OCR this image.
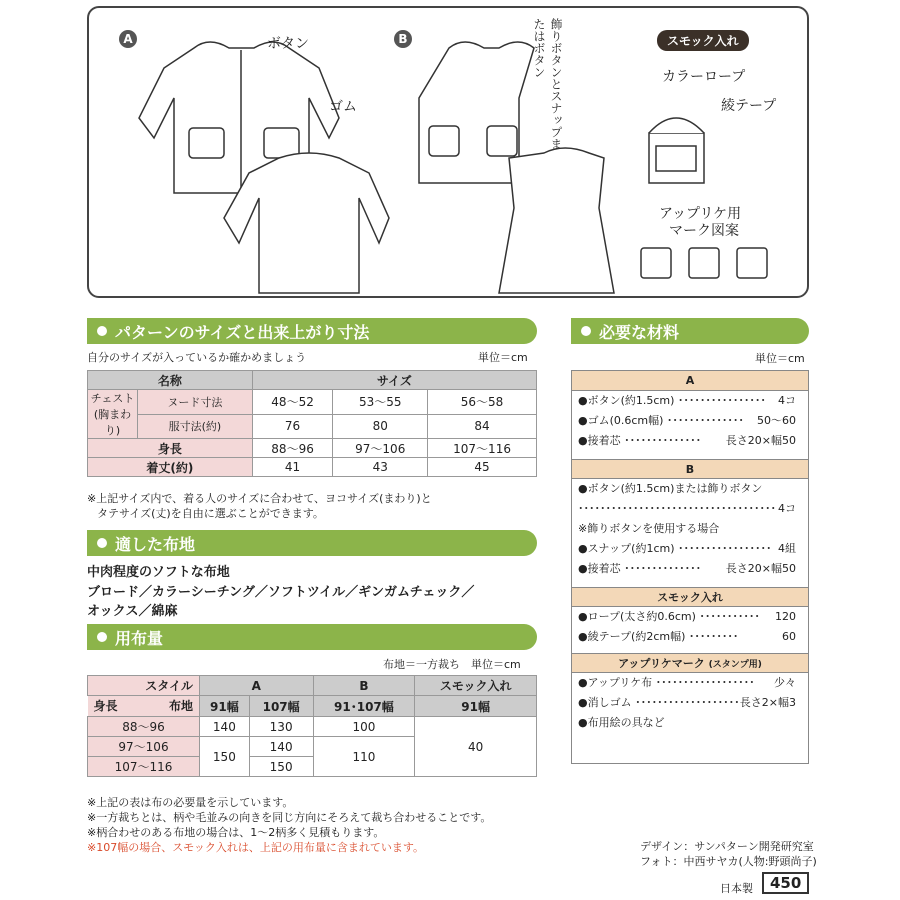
A	B
ボタン
ゴム	飾りボタンとスナップまたはボタン	スモック入れ
カラーロープ
綾テープ
アップリケ用
マーク図案
パターンのサイズと出来上がり寸法
自分のサイズが入っているか確かめましょう	単位＝cm
名称		サイズ		
チェスト
(胸まわり)	ヌード寸法	48〜52	53〜55	56〜58
	服寸法(約)	76	80	84
身長		88〜96	97〜106	107〜116
着丈(約)		41	43	45
※上記サイズ内で、着る人のサイズに合わせて、ヨコサイズ(まわり)と
タテサイズ(丈)を自由に選ぶことができます。
適した布地
中肉程度のソフトな布地
ブロード／カラーシーチング／ソフトツイル／ギンガムチェック／
オックス／綿麻
用布量
布地＝一方裁ち　単位＝cm
スタイル	A		B	スモック入れ

身長	布地 91幅	107幅	91･107幅	91幅
88〜96	140	130	100	40
97〜106	150	140	110	
107〜116		150		
※上記の表は布の必要量を示しています。
※一方裁ちとは、柄や毛並みの向きを同じ方向にそろえて裁ち合わせることです。
※柄合わせのある布地の場合は、1〜2柄多く見積もります。
※107幅の場合、スモック入れは、上記の用布量に含まれています。
必要な材料
単位＝cm
A
●ボタン(約1.5cm) ････････････････ 4コ
●ゴム(0.6cm幅) ･･････････････ 50〜60
●接着芯 ･･････････････ 長さ20×幅50
B
●ボタン(約1.5cm)または飾りボタン
････････････････････････････････････ 4コ
※飾りボタンを使用する場合
●スナップ(約1cm) ･････････････････ 4組
●接着芯 ･･････････････ 長さ20×幅50
スモック入れ
●ロープ(太さ約0.6cm) ･･･････････ 120
●綾テープ(約2cm幅) ･････････	60
アップリケマーク (スタンプ用)
●アップリケ布 ･･････････････････ 少々
●消しゴム ･･･････････････････ 長さ2×幅3
●布用絵の具など
デザイン：サンパターン開発研究室
フォト：中西サヤカ(人物:野頭尚子)
日本製	450
